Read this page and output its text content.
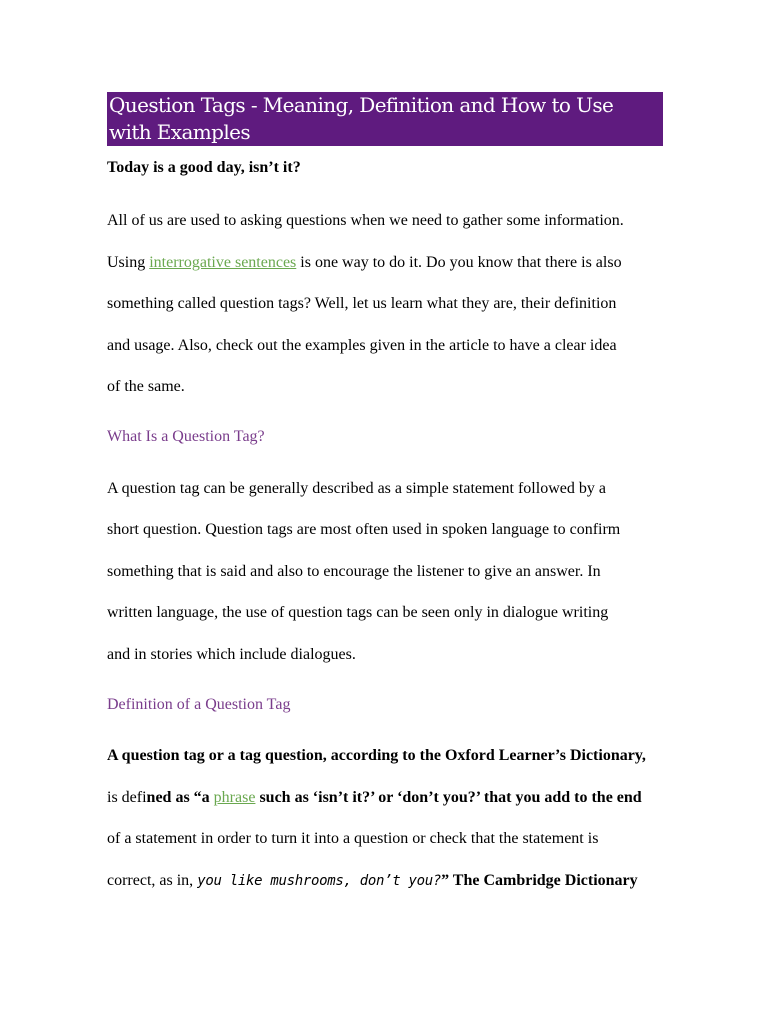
Question Tags - Meaning, Definition and How to Use with Examples
Today is a good day, isn’t it?
All of us are used to asking questions when we need to gather some information.
Using interrogative sentences is one way to do it. Do you know that there is also
something called question tags? Well, let us learn what they are, their definition
and usage. Also, check out the examples given in the article to have a clear idea
of the same.
What Is a Question Tag?
A question tag can be generally described as a simple statement followed by a
short question. Question tags are most often used in spoken language to confirm
something that is said and also to encourage the listener to give an answer. In
written language, the use of question tags can be seen only in dialogue writing
and in stories which include dialogues.
Definition of a Question Tag
A question tag or a tag question, according to the Oxford Learner’s Dictionary,
is defined as “a phrase such as ‘isn’t it?’ or ‘don’t you?’ that you add to the end
of a statement in order to turn it into a question or check that the statement is
correct, as in, you like mushrooms, don’t you?” The Cambridge Dictionary
